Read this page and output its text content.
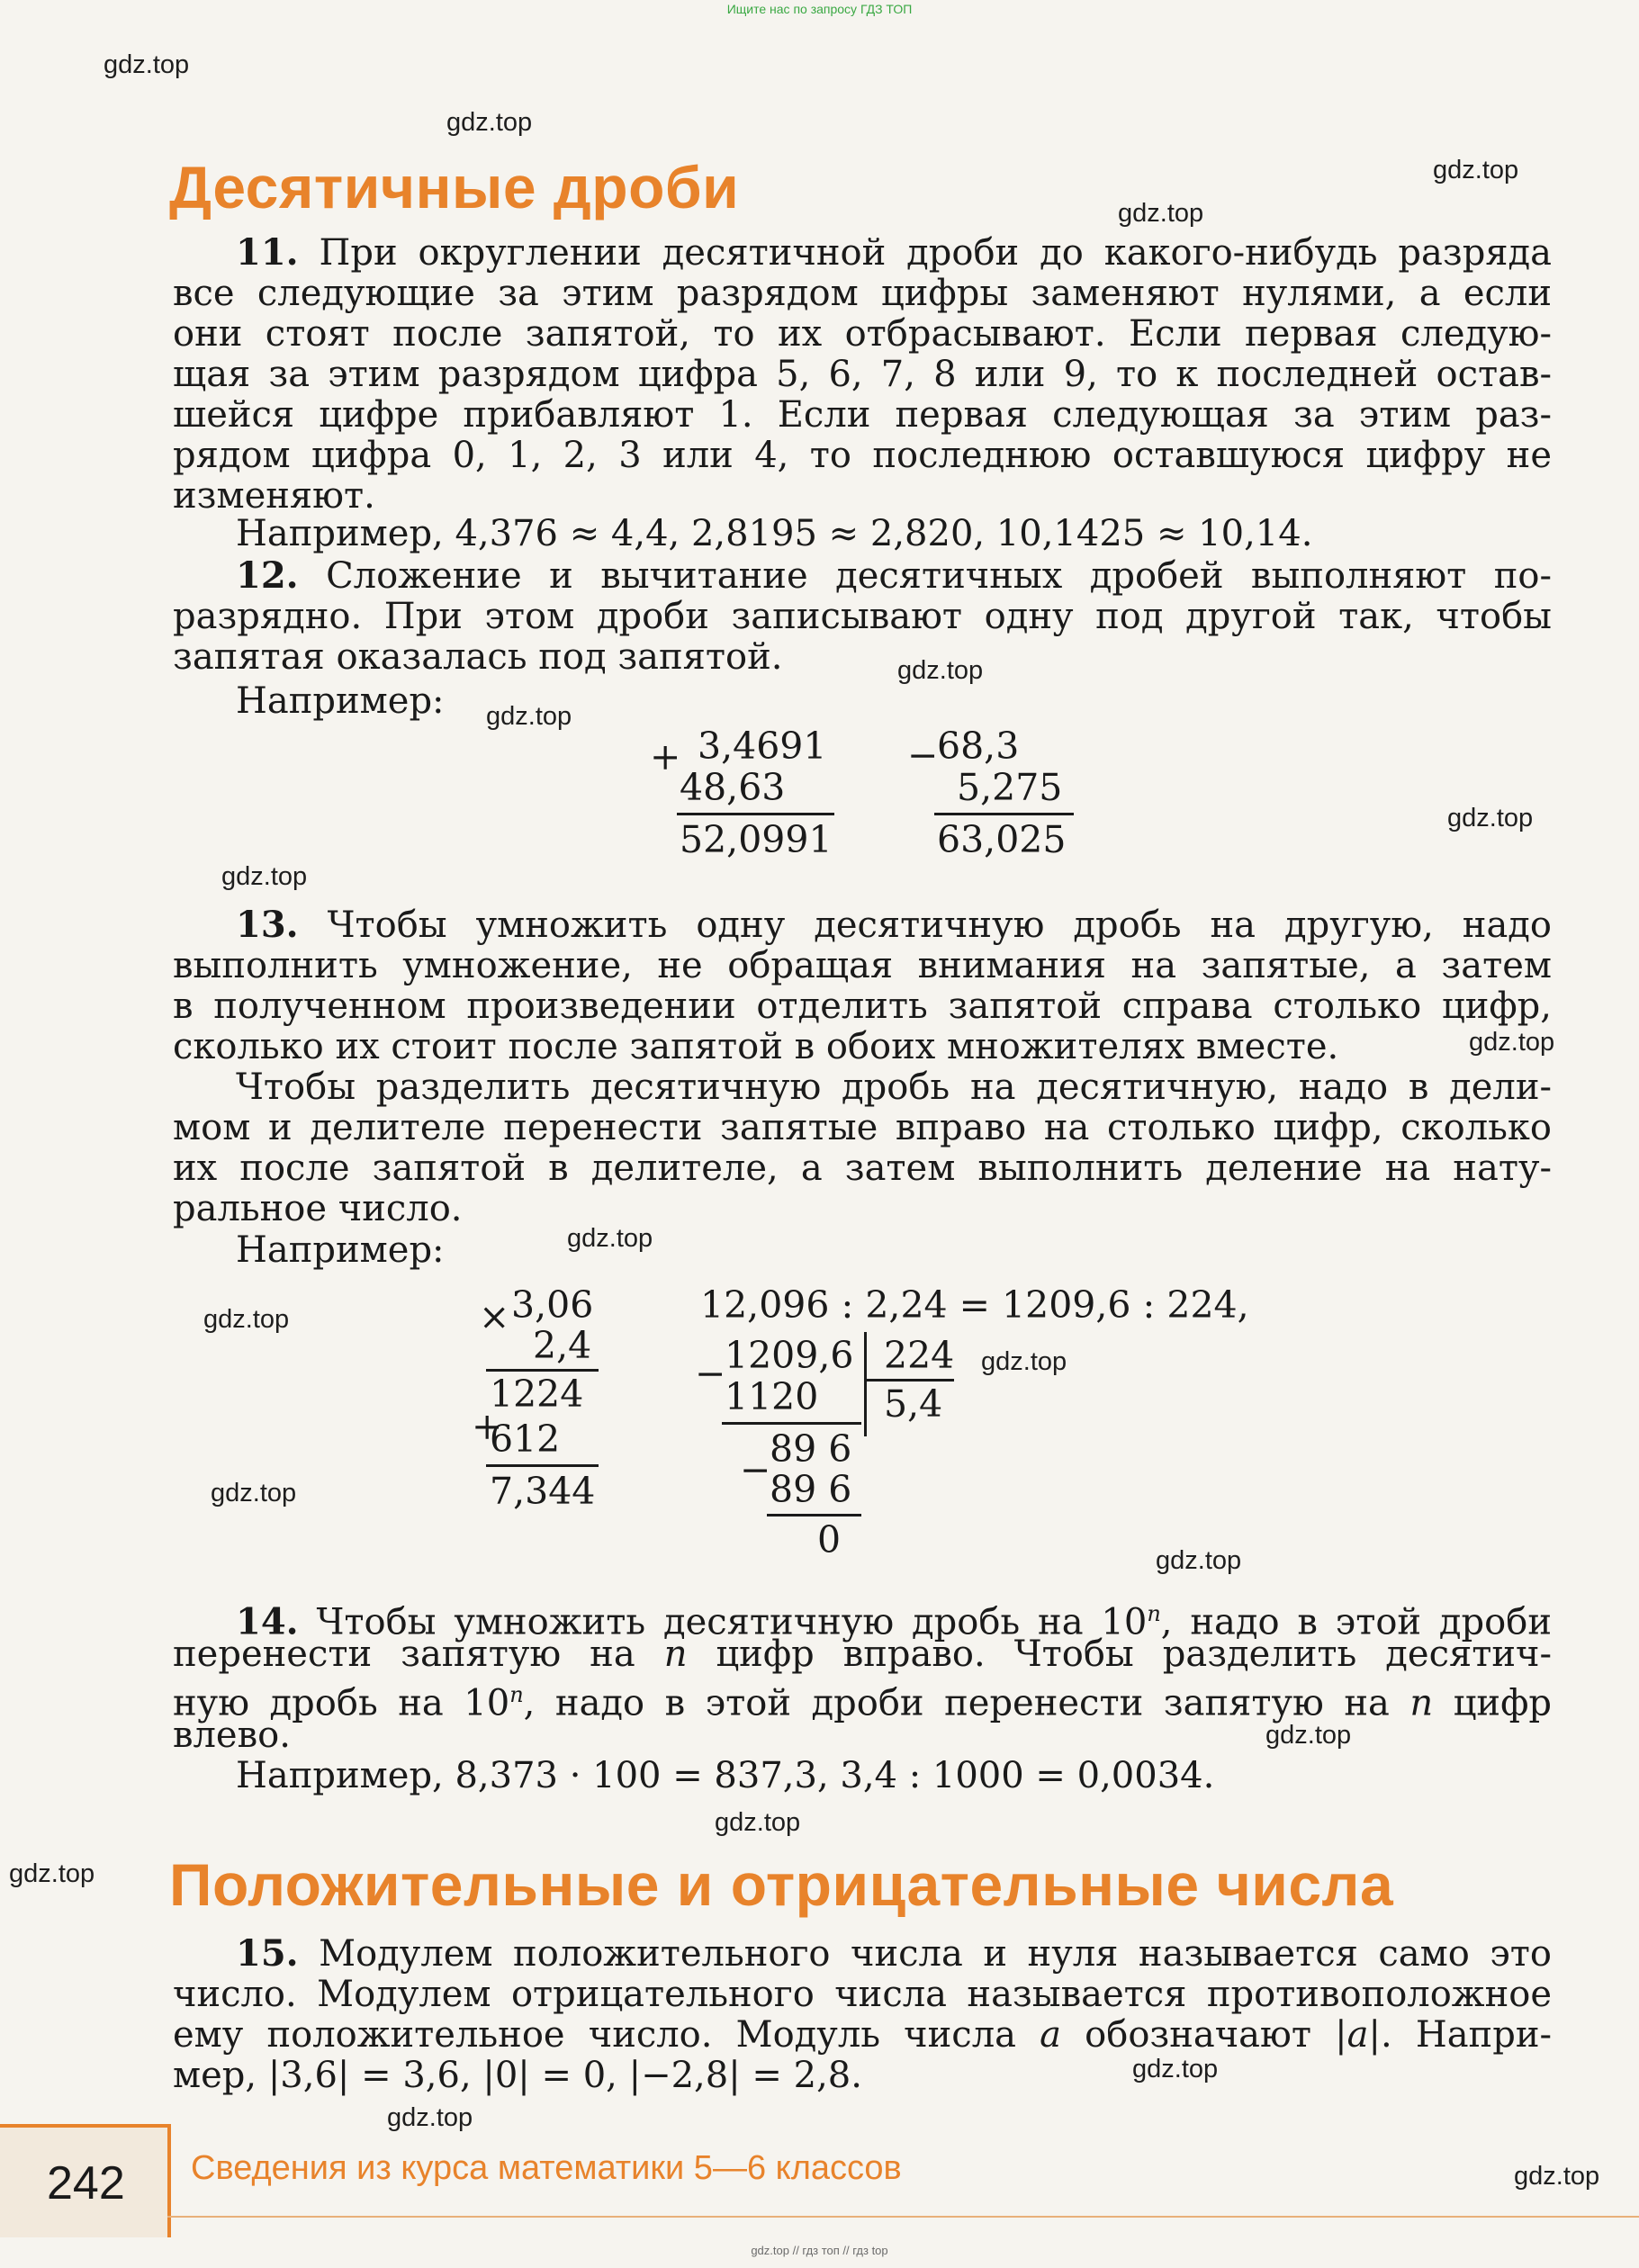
Ищите нас по запросу ГДЗ ТОП
Десятичные дроби
11. При округлении десятичной дроби до какого-нибудь разряда
все следующие за этим разрядом цифры заменяют нулями, а если
они стоят после запятой, то их отбрасывают. Если первая следую-
щая за этим разрядом цифра 5, 6, 7, 8 или 9, то к последней остав-
шейся цифре прибавляют 1. Если первая следующая за этим раз-
рядом цифра 0, 1, 2, 3 или 4, то последнюю оставшуюся цифру не
изменяют.
Например, 4,376 ≈ 4,4, 2,8195 ≈ 2,820, 10,1425 ≈ 10,14.
12. Сложение и вычитание десятичных дробей выполняют по-
разрядно. При этом дроби записывают одну под другой так, чтобы
запятая оказалась под запятой.
Например:
+ 3,4691
48,63
52,0991
−
68,3
5,275
63,025
13. Чтобы умножить одну десятичную дробь на другую, надо
выполнить умножение, не обращая внимания на запятые, а затем
в полученном произведении отделить запятой справа столько цифр,
сколько их стоит после запятой в обоих множителях вместе.
Чтобы разделить десятичную дробь на десятичную, надо в дели-
мом и делителе перенести запятые вправо на столько цифр, сколько
их после запятой в делителе, а затем выполнить деление на нату-
ральное число.
Например:
× 3,06
2,4
1224
+
612
7,344
12,096 : 2,24 = 1209,6 : 224,
1209,6 224
5,4
−
1120
89 6
−
89 6
0
14. Чтобы умножить десятичную дробь на 10$^n$, надо в этой дроби
перенести запятую на n цифр вправо. Чтобы разделить десятич-
ную дробь на 10$^n$, надо в этой дроби перенести запятую на n цифр
влево.
Например, 8,373 · 100 = 837,3, 3,4 : 1000 = 0,0034.
Положительные и отрицательные числа
15. Модулем положительного числа и нуля называется само это
число. Модулем отрицательного числа называется противоположное
ему положительное число. Модуль числа a обозначают |a|. Напри-
мер, |3,6| = 3,6, |0| = 0, |−2,8| = 2,8.
242 Сведения из курса математики 5—6 классов
gdz.top
gdz.top
gdz.top
gdz.top
gdz.top
gdz.top
gdz.top
gdz.top
gdz.top
gdz.top
gdz.top
gdz.top
gdz.top
gdz.top
gdz.top
gdz.top
gdz.top
gdz.top
gdz.top
gdz.top
gdz.top // гдз топ // гдз top
